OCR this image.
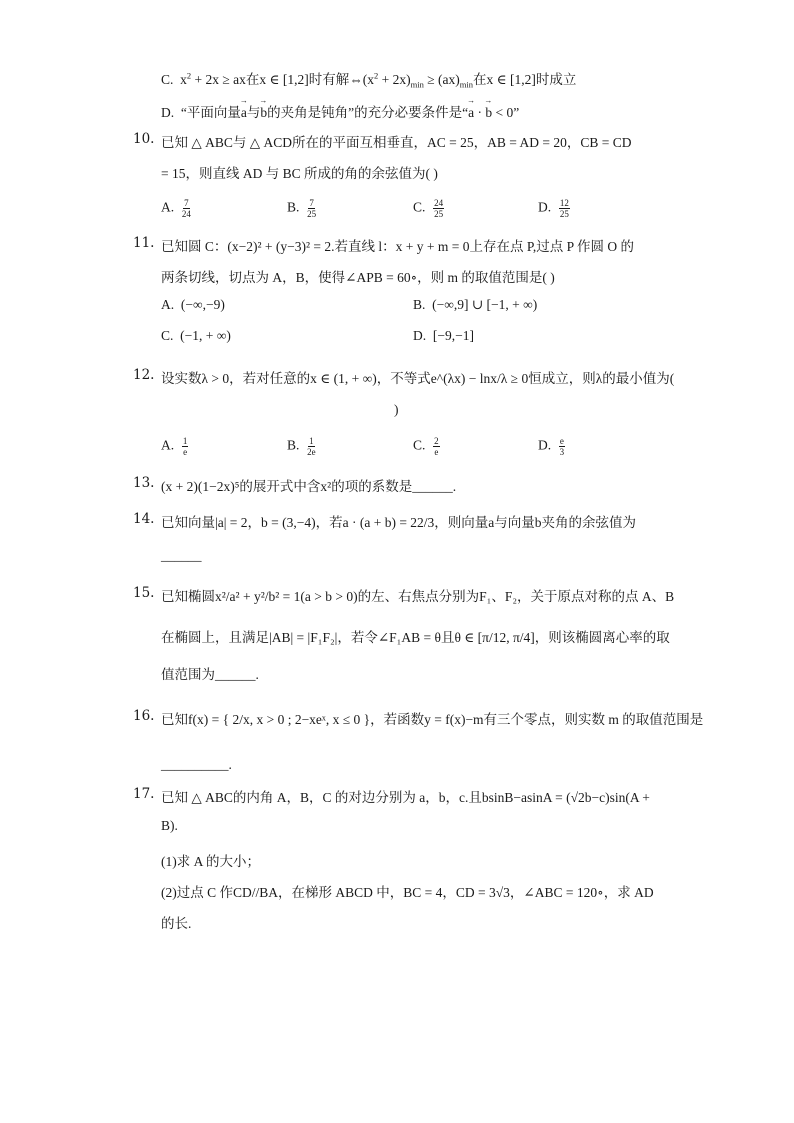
C.  $x^2 + 2x$ ≥ ax在x ∈ [1,2]时有解$\Leftrightarrow(x^2 + 2x)_{min} \ge (ax)_{min}$在x ∈ [1,2]时成立
D.  “平面向量→ a与→ b的夹角是钝角”的充分必要条件是“→ a · → b < 0”
10. 已知 △ ABC与 △ ACD所在的平面互相垂直，AC = 25，AB = AD = 20，CB = CD
= 15，则直线 AD 与 BC 所成的角的余弦值为( )
A. $\frac{7}{24}$	B. $\frac{7}{25}$	C. $\frac{24}{25}$	D. $\frac{12}{25}$
11. 已知圆 C：(x−2)² + (y−3)² = 2.若直线 l：x + y + m = 0上存在点 P,过点 P 作圆 O 的
两条切线，切点为 A，B，使得∠APB = 60∘，则 m 的取值范围是( )
A. (−∞,−9)	B. (−∞,9] ∪ [−1, + ∞)
C. (−1, + ∞)	D. [−9,−1]
12. 设实数λ > 0，若对任意的x ∈ (1, + ∞)，不等式e^(λx) − lnx/λ ≥ 0恒成立，则λ的最小值为(
)
A. $\frac{1}{e}$	B. $\frac{1}{2e}$	C. $\frac{2}{e}$	D. $\frac{e}{3}$
13. (x + 2)(1−2x)⁵的展开式中含x²的项的系数是______.
14. 已知向量|a| = 2，b = (3,−4)，若a · (a + b) = 22/3，则向量a与向量b夹角的余弦值为
______
15. 已知椭圆x²/a² + y²/b² = 1(a > b > 0)的左、右焦点分别为F₁、F₂，关于原点对称的点 A、B
在椭圆上，且满足|AB| = |F₁F₂|，若令∠F₁AB = θ且θ ∈ [π/12, π/4]，则该椭圆离心率的取
值范围为______.
16. 已知f(x) = { 2/x, x > 0 ; 2−xeˣ, x ≤ 0 }，若函数y = f(x)−m有三个零点，则实数 m 的取值范围是
__________.
17. 已知 △ ABC的内角 A，B，C 的对边分别为 a，b，c.且bsinB−asinA = (√2b−c)sin(A +
B).
(1)求 A 的大小；
(2)过点 C 作CD//BA，在梯形 ABCD 中，BC = 4，CD = 3√3，∠ABC = 120∘，求 AD
的长.
